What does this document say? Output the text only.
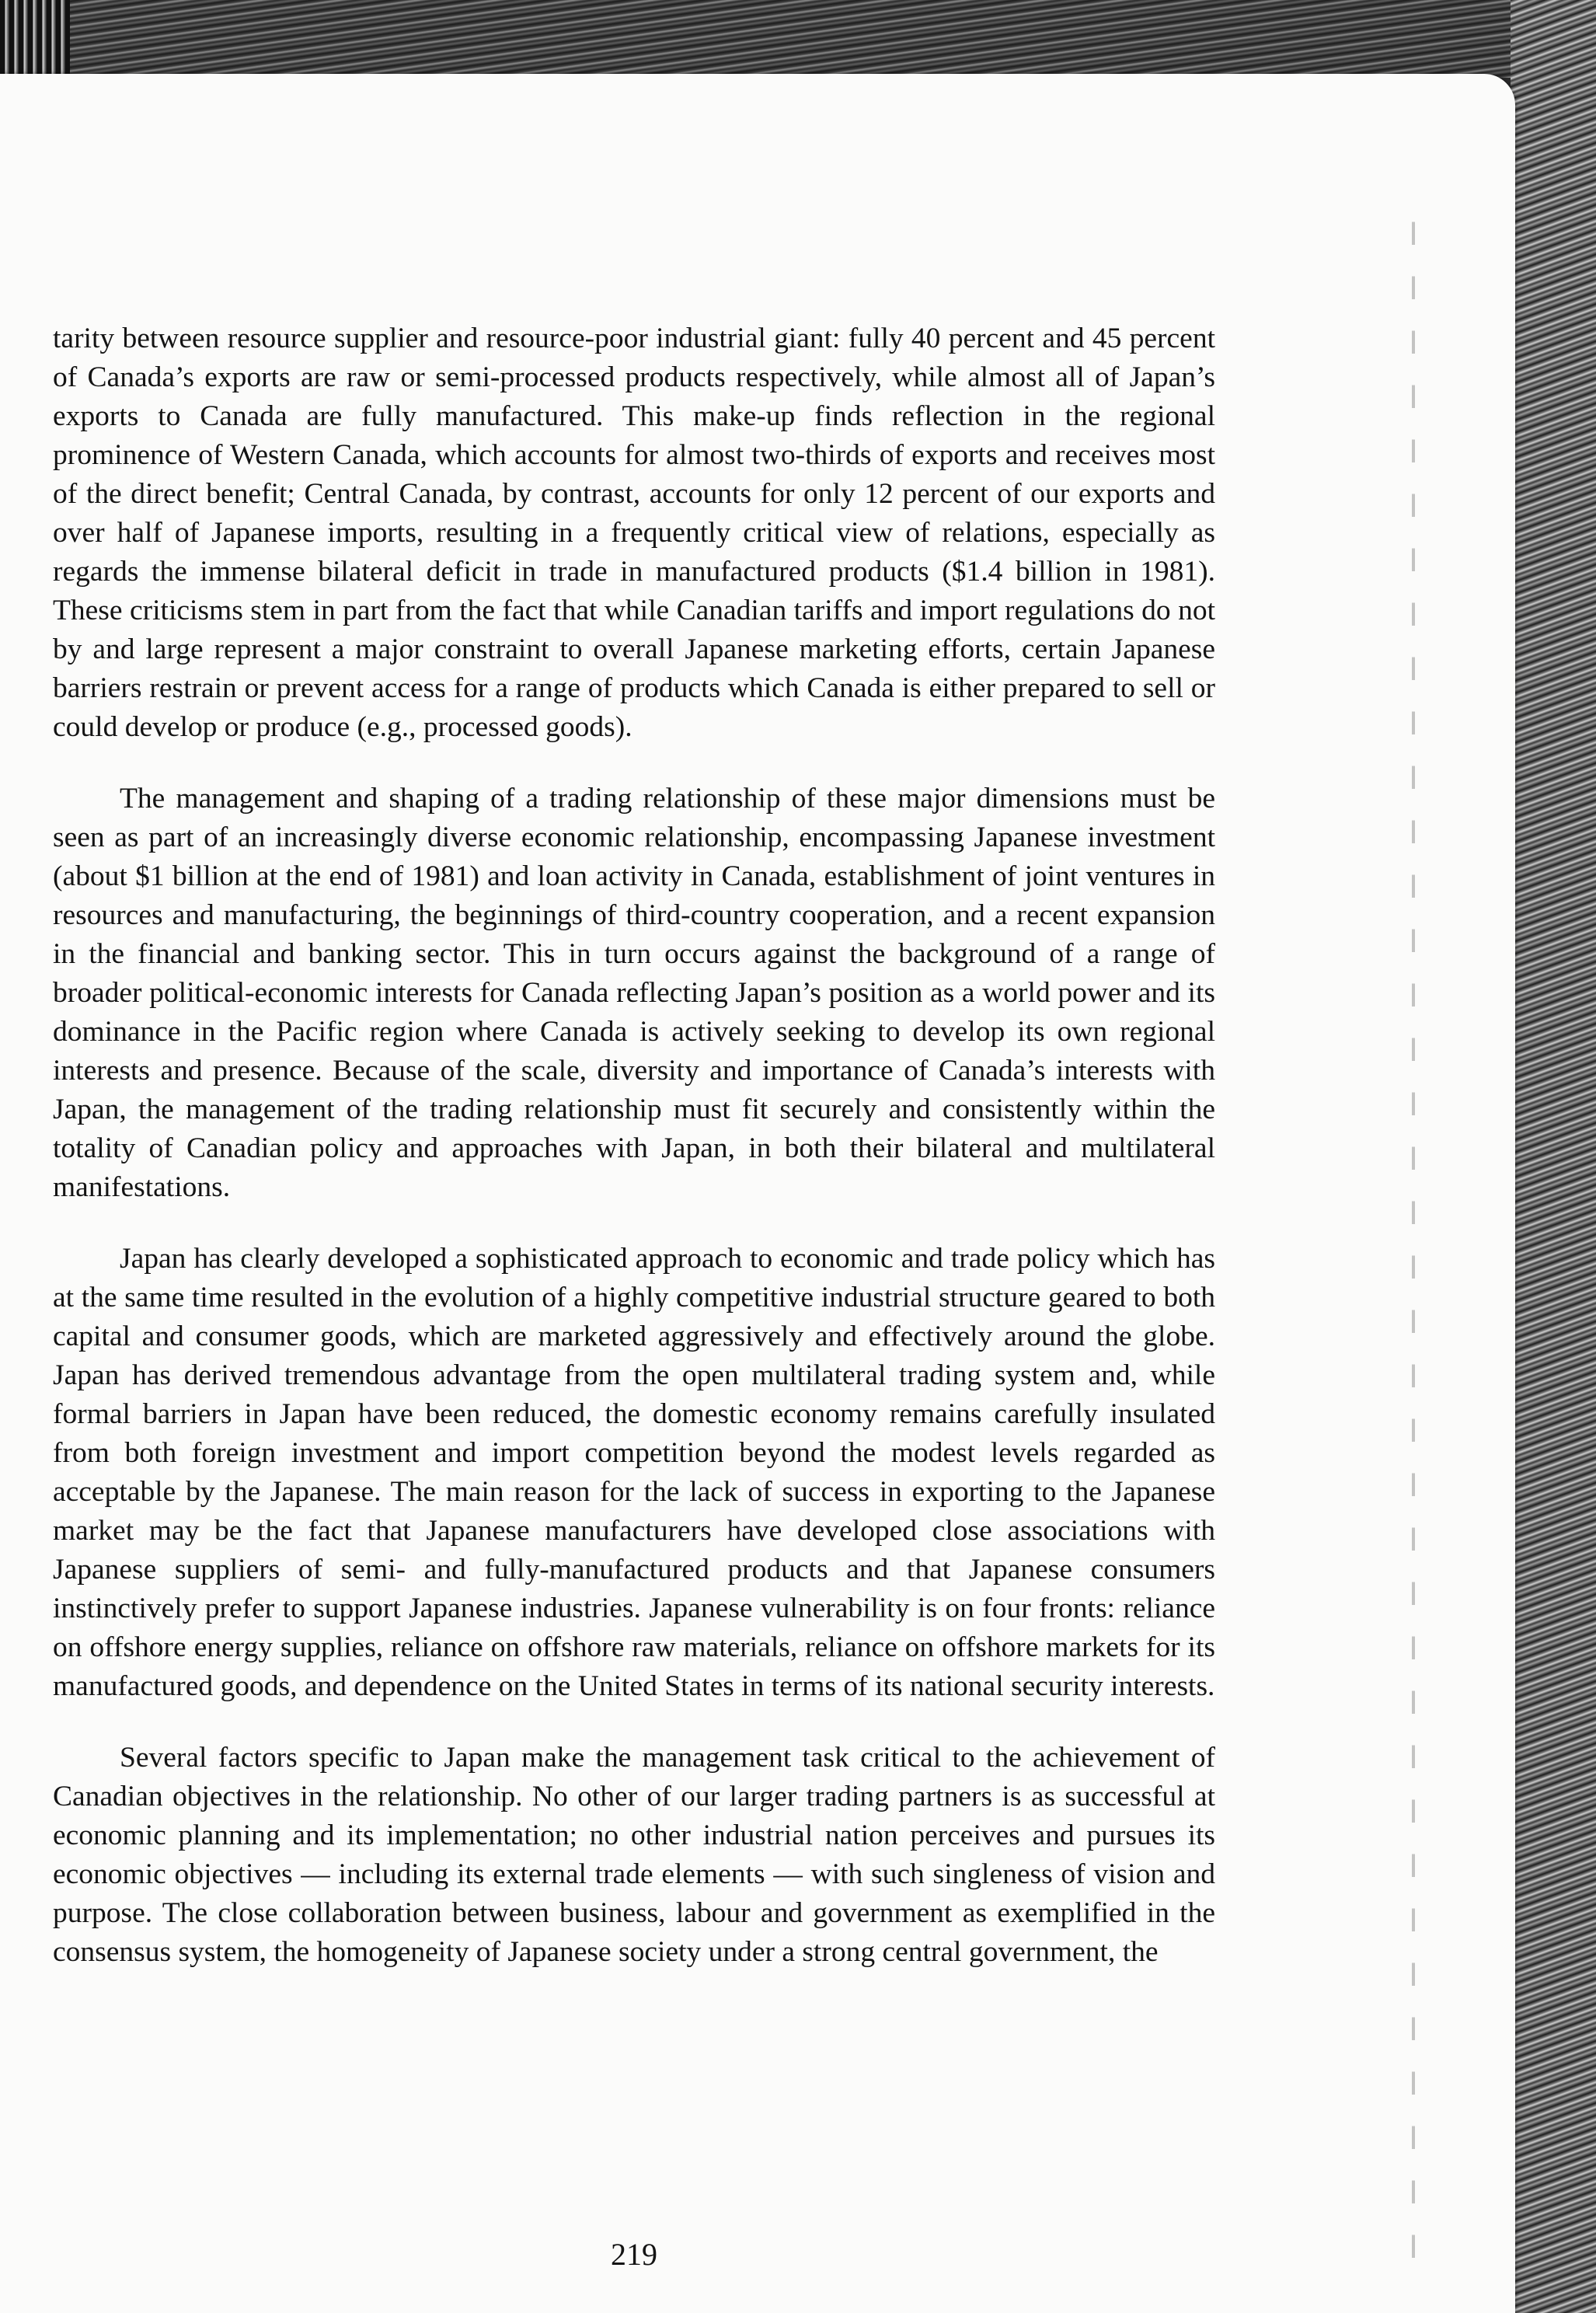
tarity between resource supplier and resource-poor industrial giant: fully 40 percent and 45 percent of Canada’s exports are raw or semi-processed products respectively, while almost all of Japan’s exports to Canada are fully manufactured. This make-up finds reflection in the regional prominence of Western Canada, which accounts for almost two-thirds of exports and receives most of the direct benefit; Central Canada, by contrast, accounts for only 12 percent of our exports and over half of Japanese imports, resulting in a frequently critical view of relations, especially as regards the immense bilateral deficit in trade in manufactured products ($1.4 billion in 1981). These criticisms stem in part from the fact that while Canadian tariffs and import regulations do not by and large represent a major constraint to overall Japanese marketing efforts, certain Japanese barriers restrain or prevent access for a range of products which Canada is either prepared to sell or could develop or produce (e.g., processed goods).

The management and shaping of a trading relationship of these major dimensions must be seen as part of an increasingly diverse economic relationship, encompassing Japanese investment (about $1 billion at the end of 1981) and loan activity in Canada, establishment of joint ventures in resources and manufacturing, the beginnings of third-country cooperation, and a recent expansion in the financial and banking sector. This in turn occurs against the background of a range of broader political-economic interests for Canada reflecting Japan’s position as a world power and its dominance in the Pacific region where Canada is actively seeking to develop its own regional interests and presence. Because of the scale, diversity and importance of Canada’s interests with Japan, the management of the trading relationship must fit securely and consistently within the totality of Canadian policy and approaches with Japan, in both their bilateral and multilateral manifestations.

Japan has clearly developed a sophisticated approach to economic and trade policy which has at the same time resulted in the evolution of a highly competitive industrial structure geared to both capital and consumer goods, which are marketed aggressively and effectively around the globe. Japan has derived tremendous advantage from the open multilateral trading system and, while formal barriers in Japan have been reduced, the domestic economy remains carefully insulated from both foreign investment and import competition beyond the modest levels regarded as acceptable by the Japanese. The main reason for the lack of success in exporting to the Japanese market may be the fact that Japanese manufacturers have developed close associations with Japanese suppliers of semi- and fully-manufactured products and that Japanese consumers instinctively prefer to support Japanese industries. Japanese vulnerability is on four fronts: reliance on offshore energy supplies, reliance on offshore raw materials, reliance on offshore markets for its manufactured goods, and dependence on the United States in terms of its national security interests.

Several factors specific to Japan make the management task critical to the achievement of Canadian objectives in the relationship. No other of our larger trading partners is as successful at economic planning and its implementation; no other industrial nation perceives and pursues its economic objectives — including its external trade elements — with such singleness of vision and purpose. The close collaboration between business, labour and government as exemplified in the consensus system, the homogeneity of Japanese society under a strong central government, the

219
